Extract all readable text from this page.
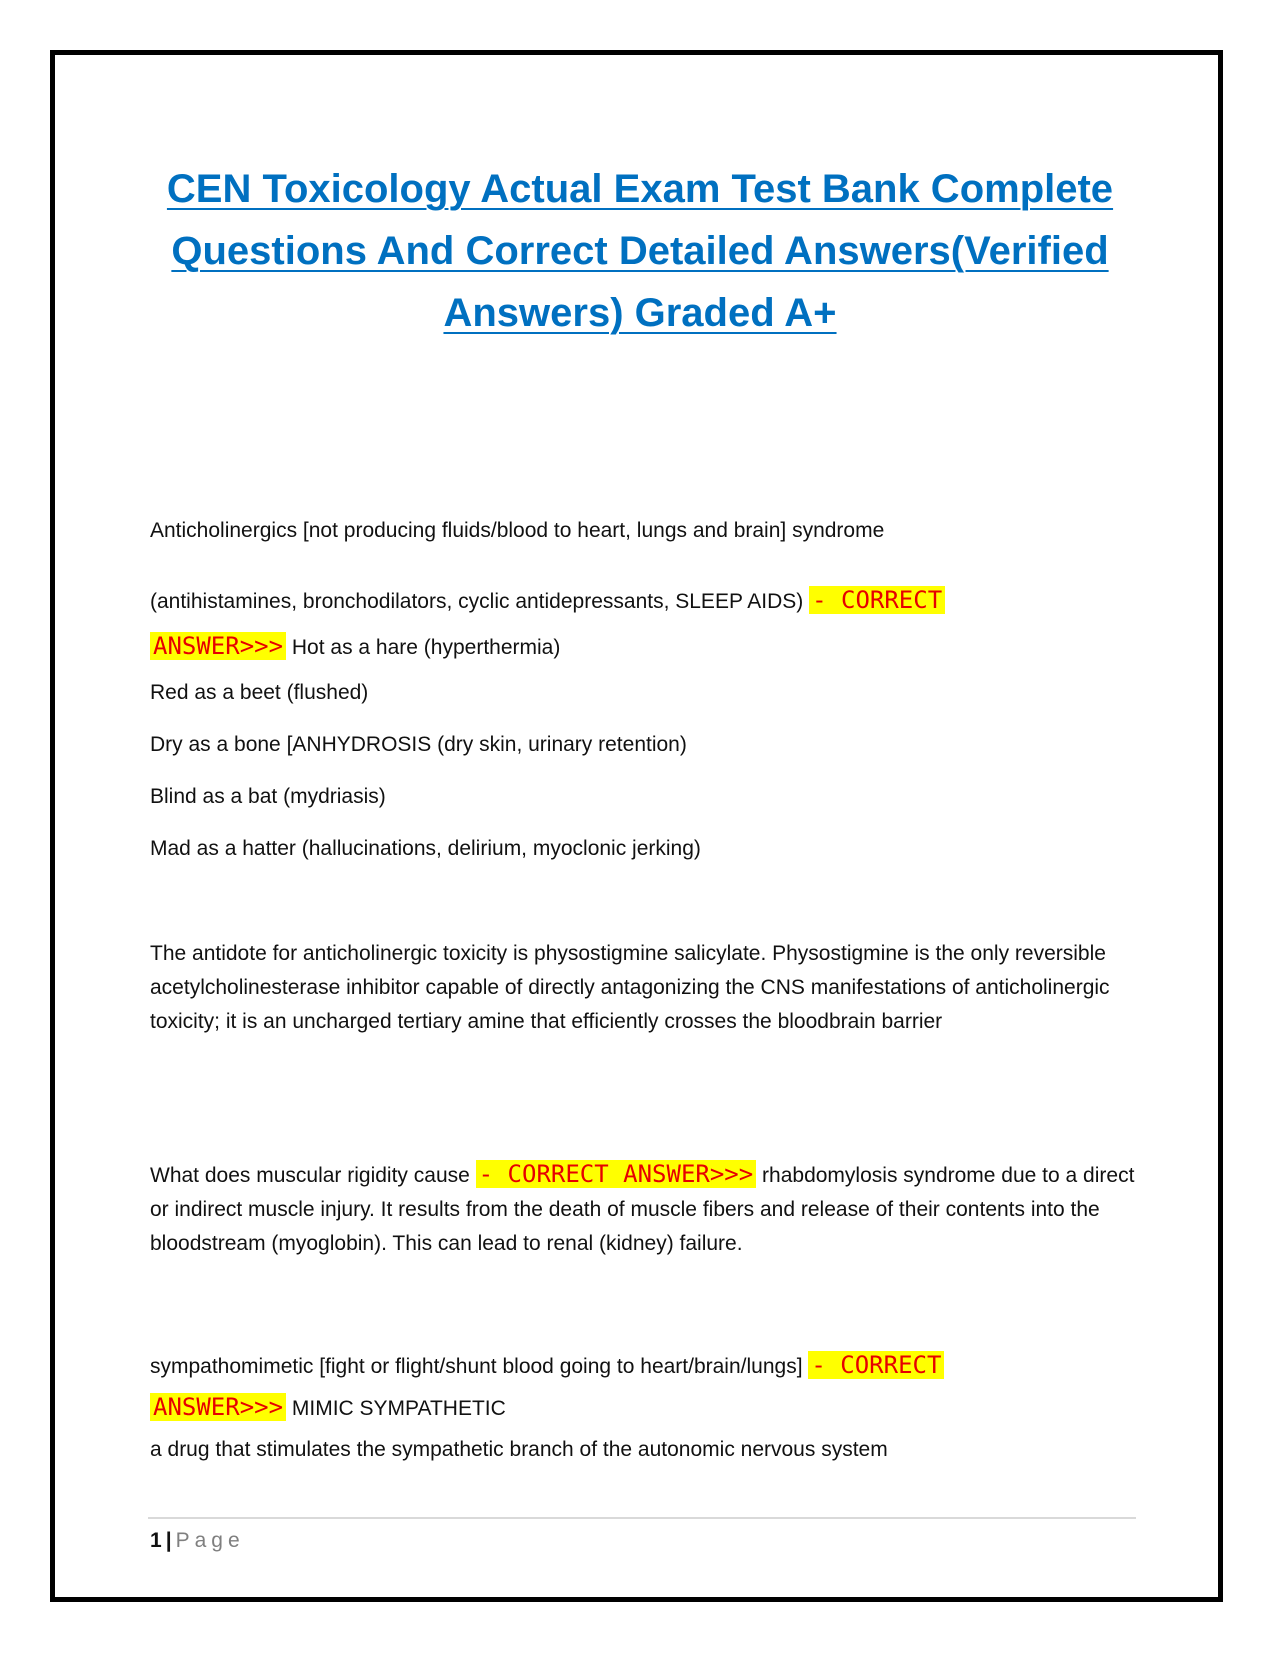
CEN Toxicology Actual Exam Test Bank Complete Questions And Correct Detailed Answers(Verified Answers) Graded A+

Anticholinergics [not producing fluids/blood to heart, lungs and brain] syndrome

(antihistamines, bronchodilators, cyclic antidepressants, SLEEP AIDS) - CORRECT
ANSWER>>> Hot as a hare (hyperthermia)

Red as a beet (flushed)

Dry as a bone [ANHYDROSIS (dry skin, urinary retention)

Blind as a bat (mydriasis)

Mad as a hatter (hallucinations, delirium, myoclonic jerking)

The antidote for anticholinergic toxicity is physostigmine salicylate. Physostigmine is the only reversible acetylcholinesterase inhibitor capable of directly antagonizing the CNS manifestations of anticholinergic toxicity; it is an uncharged tertiary amine that efficiently crosses the bloodbrain barrier

What does muscular rigidity cause - CORRECT ANSWER>>> rhabdomylosis syndrome due to a direct or indirect muscle injury. It results from the death of muscle fibers and release of their contents into the bloodstream (myoglobin). This can lead to renal (kidney) failure.

sympathomimetic [fight or flight/shunt blood going to heart/brain/lungs] - CORRECT
ANSWER>>> MIMIC SYMPATHETIC

a drug that stimulates the sympathetic branch of the autonomic nervous system

1 | Page
